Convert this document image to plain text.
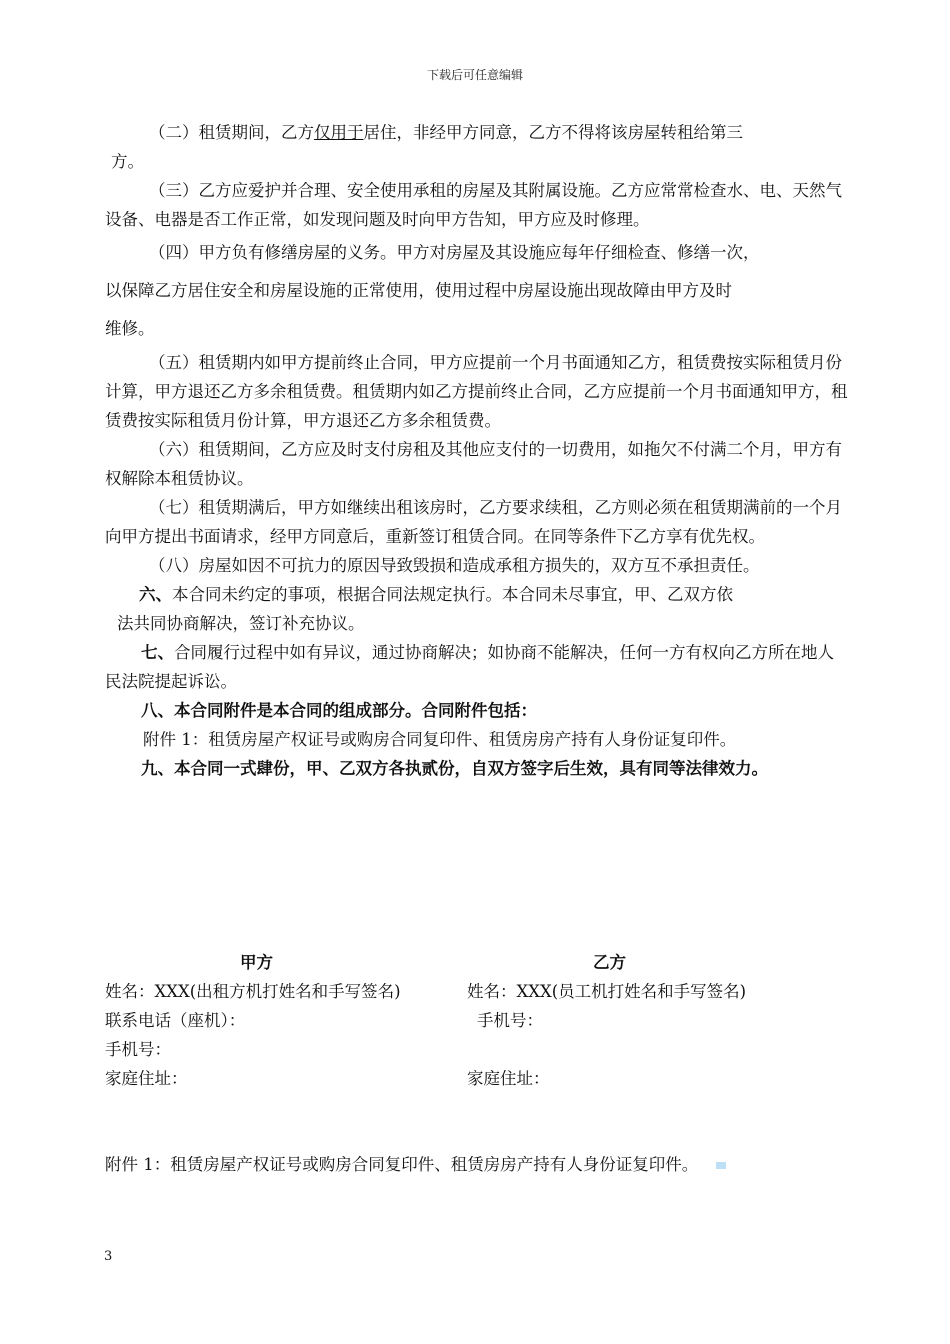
下载后可任意编辑

（二）租赁期间，乙方仅用于居住，非经甲方同意，乙方不得将该房屋转租给第三

方。

（三）乙方应爱护并合理、安全使用承租的房屋及其附属设施。乙方应常常检查水、电、天然气设备、电器是否工作正常，如发现问题及时向甲方告知，甲方应及时修理。

（四）甲方负有修缮房屋的义务。甲方对房屋及其设施应每年仔细检查、修缮一次，

以保障乙方居住安全和房屋设施的正常使用，使用过程中房屋设施出现故障由甲方及时

维修。

（五）租赁期内如甲方提前终止合同，甲方应提前一个月书面通知乙方，租赁费按实际租赁月份计算，甲方退还乙方多余租赁费。租赁期内如乙方提前终止合同，乙方应提前一个月书面通知甲方，租赁费按实际租赁月份计算，甲方退还乙方多余租赁费。

（六）租赁期间，乙方应及时支付房租及其他应支付的一切费用，如拖欠不付满二个月，甲方有权解除本租赁协议。

（七）租赁期满后，甲方如继续出租该房时，乙方要求续租，乙方则必须在租赁期满前的一个月向甲方提出书面请求，经甲方同意后，重新签订租赁合同。在同等条件下乙方享有优先权。

（八）房屋如因不可抗力的原因导致毁损和造成承租方损失的，双方互不承担责任。

六、本合同未约定的事项，根据合同法规定执行。本合同未尽事宜，甲、乙双方依

法共同协商解决，签订补充协议。

七、合同履行过程中如有异议，通过协商解决；如协商不能解决，任何一方有权向乙方所在地人民法院提起诉讼。

八、本合同附件是本合同的组成部分。合同附件包括：

附件 1：租赁房屋产权证号或购房合同复印件、租赁房房产持有人身份证复印件。

九、本合同一式肆份，甲、乙双方各执贰份，自双方签字后生效，具有同等法律效力。

甲方	乙方
姓名：XXX(出租方机打姓名和手写签名)	姓名：XXX(员工机打姓名和手写签名)
联系电话（座机）：	手机号：
手机号：
家庭住址：	家庭住址：
附件 1：租赁房屋产权证号或购房合同复印件、租赁房房产持有人身份证复印件。
3
